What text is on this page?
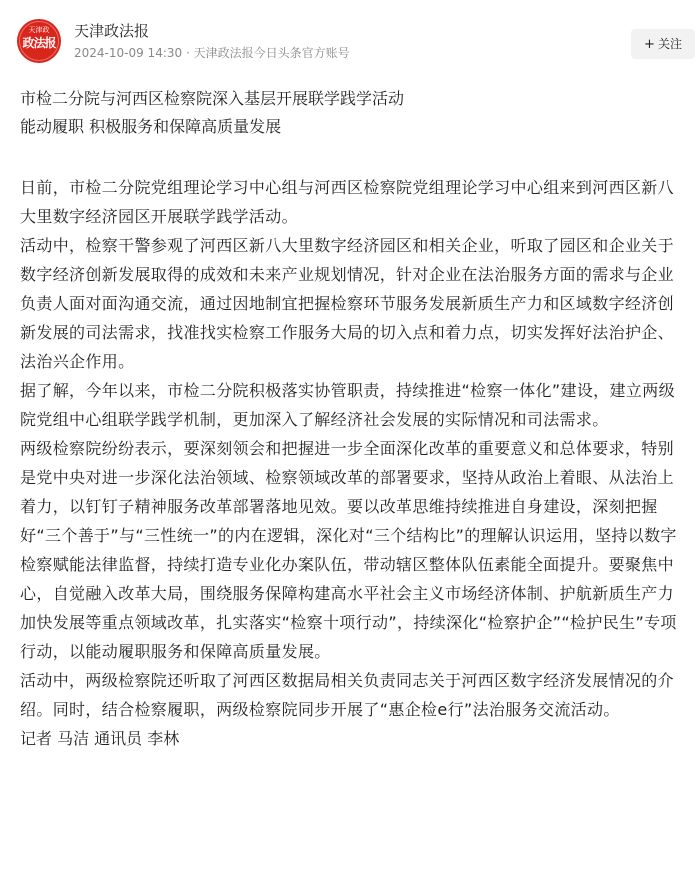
天津政
政法报
天津政法报
2024-10-09 14:30 · 天津政法报今日头条官方账号
+ 关注
市检二分院与河西区检察院深入基层开展联学践学活动
能动履职 积极服务和保障高质量发展

日前，市检二分院党组理论学习中心组与河西区检察院党组理论学习中心组来到河西区新八大里数字经济园区开展联学践学活动。

活动中，检察干警参观了河西区新八大里数字经济园区和相关企业，听取了园区和企业关于数字经济创新发展取得的成效和未来产业规划情况，针对企业在法治服务方面的需求与企业负责人面对面沟通交流，通过因地制宜把握检察环节服务发展新质生产力和区域数字经济创新发展的司法需求，找准找实检察工作服务大局的切入点和着力点，切实发挥好法治护企、法治兴企作用。

据了解，今年以来，市检二分院积极落实协管职责，持续推进“检察一体化”建设，建立两级院党组中心组联学践学机制，更加深入了解经济社会发展的实际情况和司法需求。

两级检察院纷纷表示，要深刻领会和把握进一步全面深化改革的重要意义和总体要求，特别是党中央对进一步深化法治领域、检察领域改革的部署要求，坚持从政治上着眼、从法治上着力，以钉钉子精神服务改革部署落地见效。要以改革思维持续推进自身建设，深刻把握好“三个善于”与“三性统一”的内在逻辑，深化对“三个结构比”的理解认识运用，坚持以数字检察赋能法律监督，持续打造专业化办案队伍，带动辖区整体队伍素能全面提升。要聚焦中心，自觉融入改革大局，围绕服务保障构建高水平社会主义市场经济体制、护航新质生产力加快发展等重点领域改革，扎实落实“检察十项行动”，持续深化“检察护企”“检护民生”专项行动，以能动履职服务和保障高质量发展。

活动中，两级检察院还听取了河西区数据局相关负责同志关于河西区数字经济发展情况的介绍。同时，结合检察履职，两级检察院同步开展了“惠企检e行”法治服务交流活动。

记者 马洁 通讯员 李林
